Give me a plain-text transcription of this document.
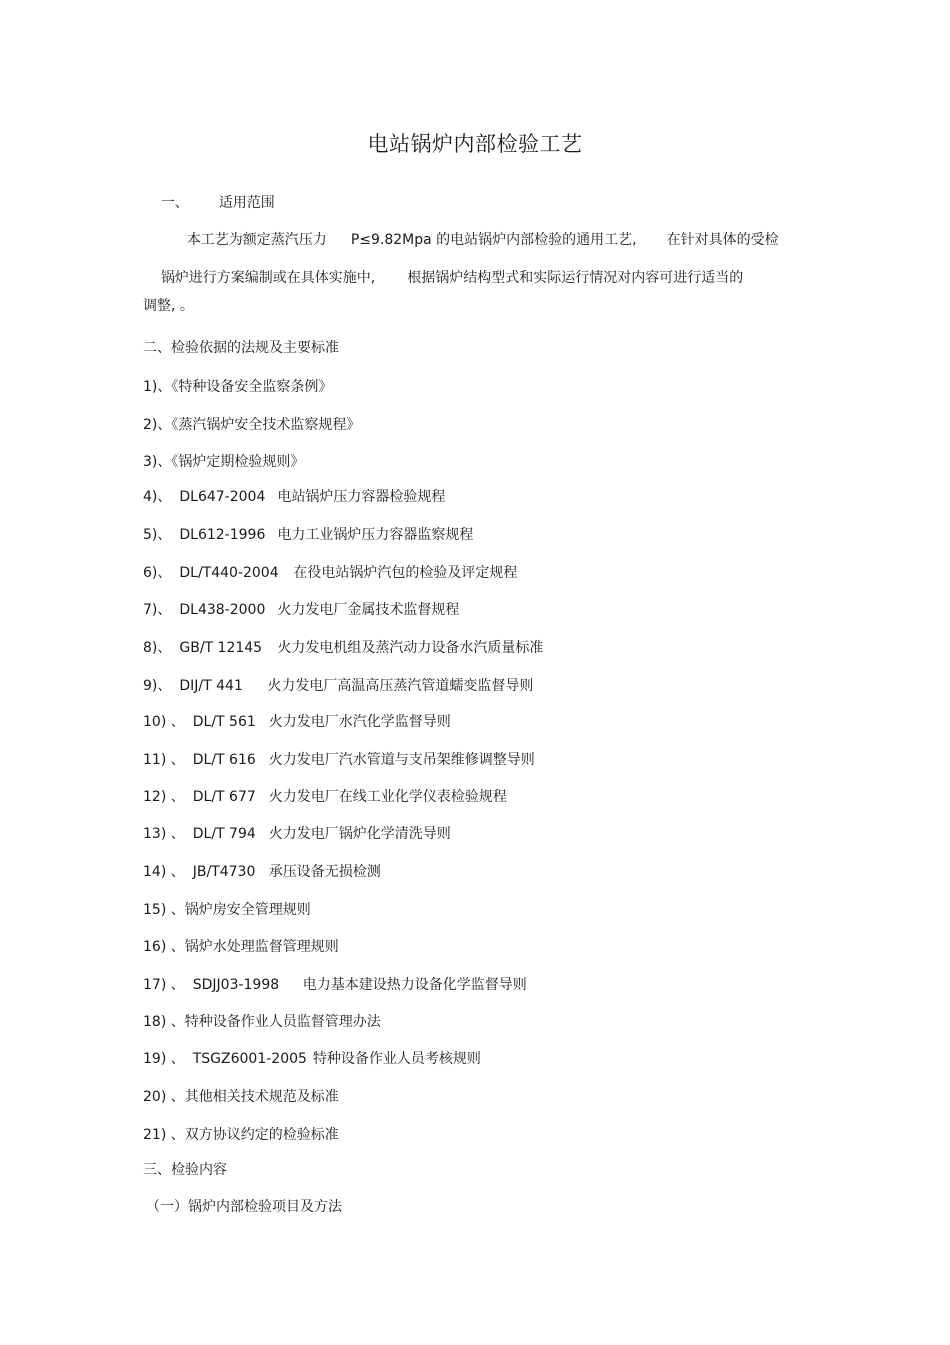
电站锅炉内部检验工艺

一、 适用范围

本工艺为额定蒸汽压力 P≤9.82Mpa 的电站锅炉内部检验的通用工艺, 在针对具体的受检

锅炉进行方案编制或在具体实施中, 根据锅炉结构型式和实际运行情况对内容可进行适当的

调整, 。
二、检验依据的法规及主要标准
1)、《特种设备安全监察条例》
2)、《蒸汽锅炉安全技术监察规程》
3)、《锅炉定期检验规则》
4)、 DL647-2004 电站锅炉压力容器检验规程
5)、 DL612-1996 电力工业锅炉压力容器监察规程
6)、 DL/T440-2004 在役电站锅炉汽包的检验及评定规程
7)、 DL438-2000 火力发电厂金属技术监督规程
8)、 GB/T 12145 火力发电机组及蒸汽动力设备水汽质量标准
9)、 DIJ/T 441 火力发电厂高温高压蒸汽管道蠕变监督导则
10) 、 DL/T 561 火力发电厂水汽化学监督导则
11) 、 DL/T 616 火力发电厂汽水管道与支吊架维修调整导则
12) 、 DL/T 677 火力发电厂在线工业化学仪表检验规程
13) 、 DL/T 794 火力发电厂锅炉化学清洗导则
14) 、 JB/T4730 承压设备无损检测
15) 、锅炉房安全管理规则
16) 、锅炉水处理监督管理规则
17) 、 SDJJ03-1998 电力基本建设热力设备化学监督导则
18) 、特种设备作业人员监督管理办法
19) 、 TSGZ6001-2005 特种设备作业人员考核规则
20) 、其他相关技术规范及标准
21) 、双方协议约定的检验标准
三、检验内容
（一）锅炉内部检验项目及方法
